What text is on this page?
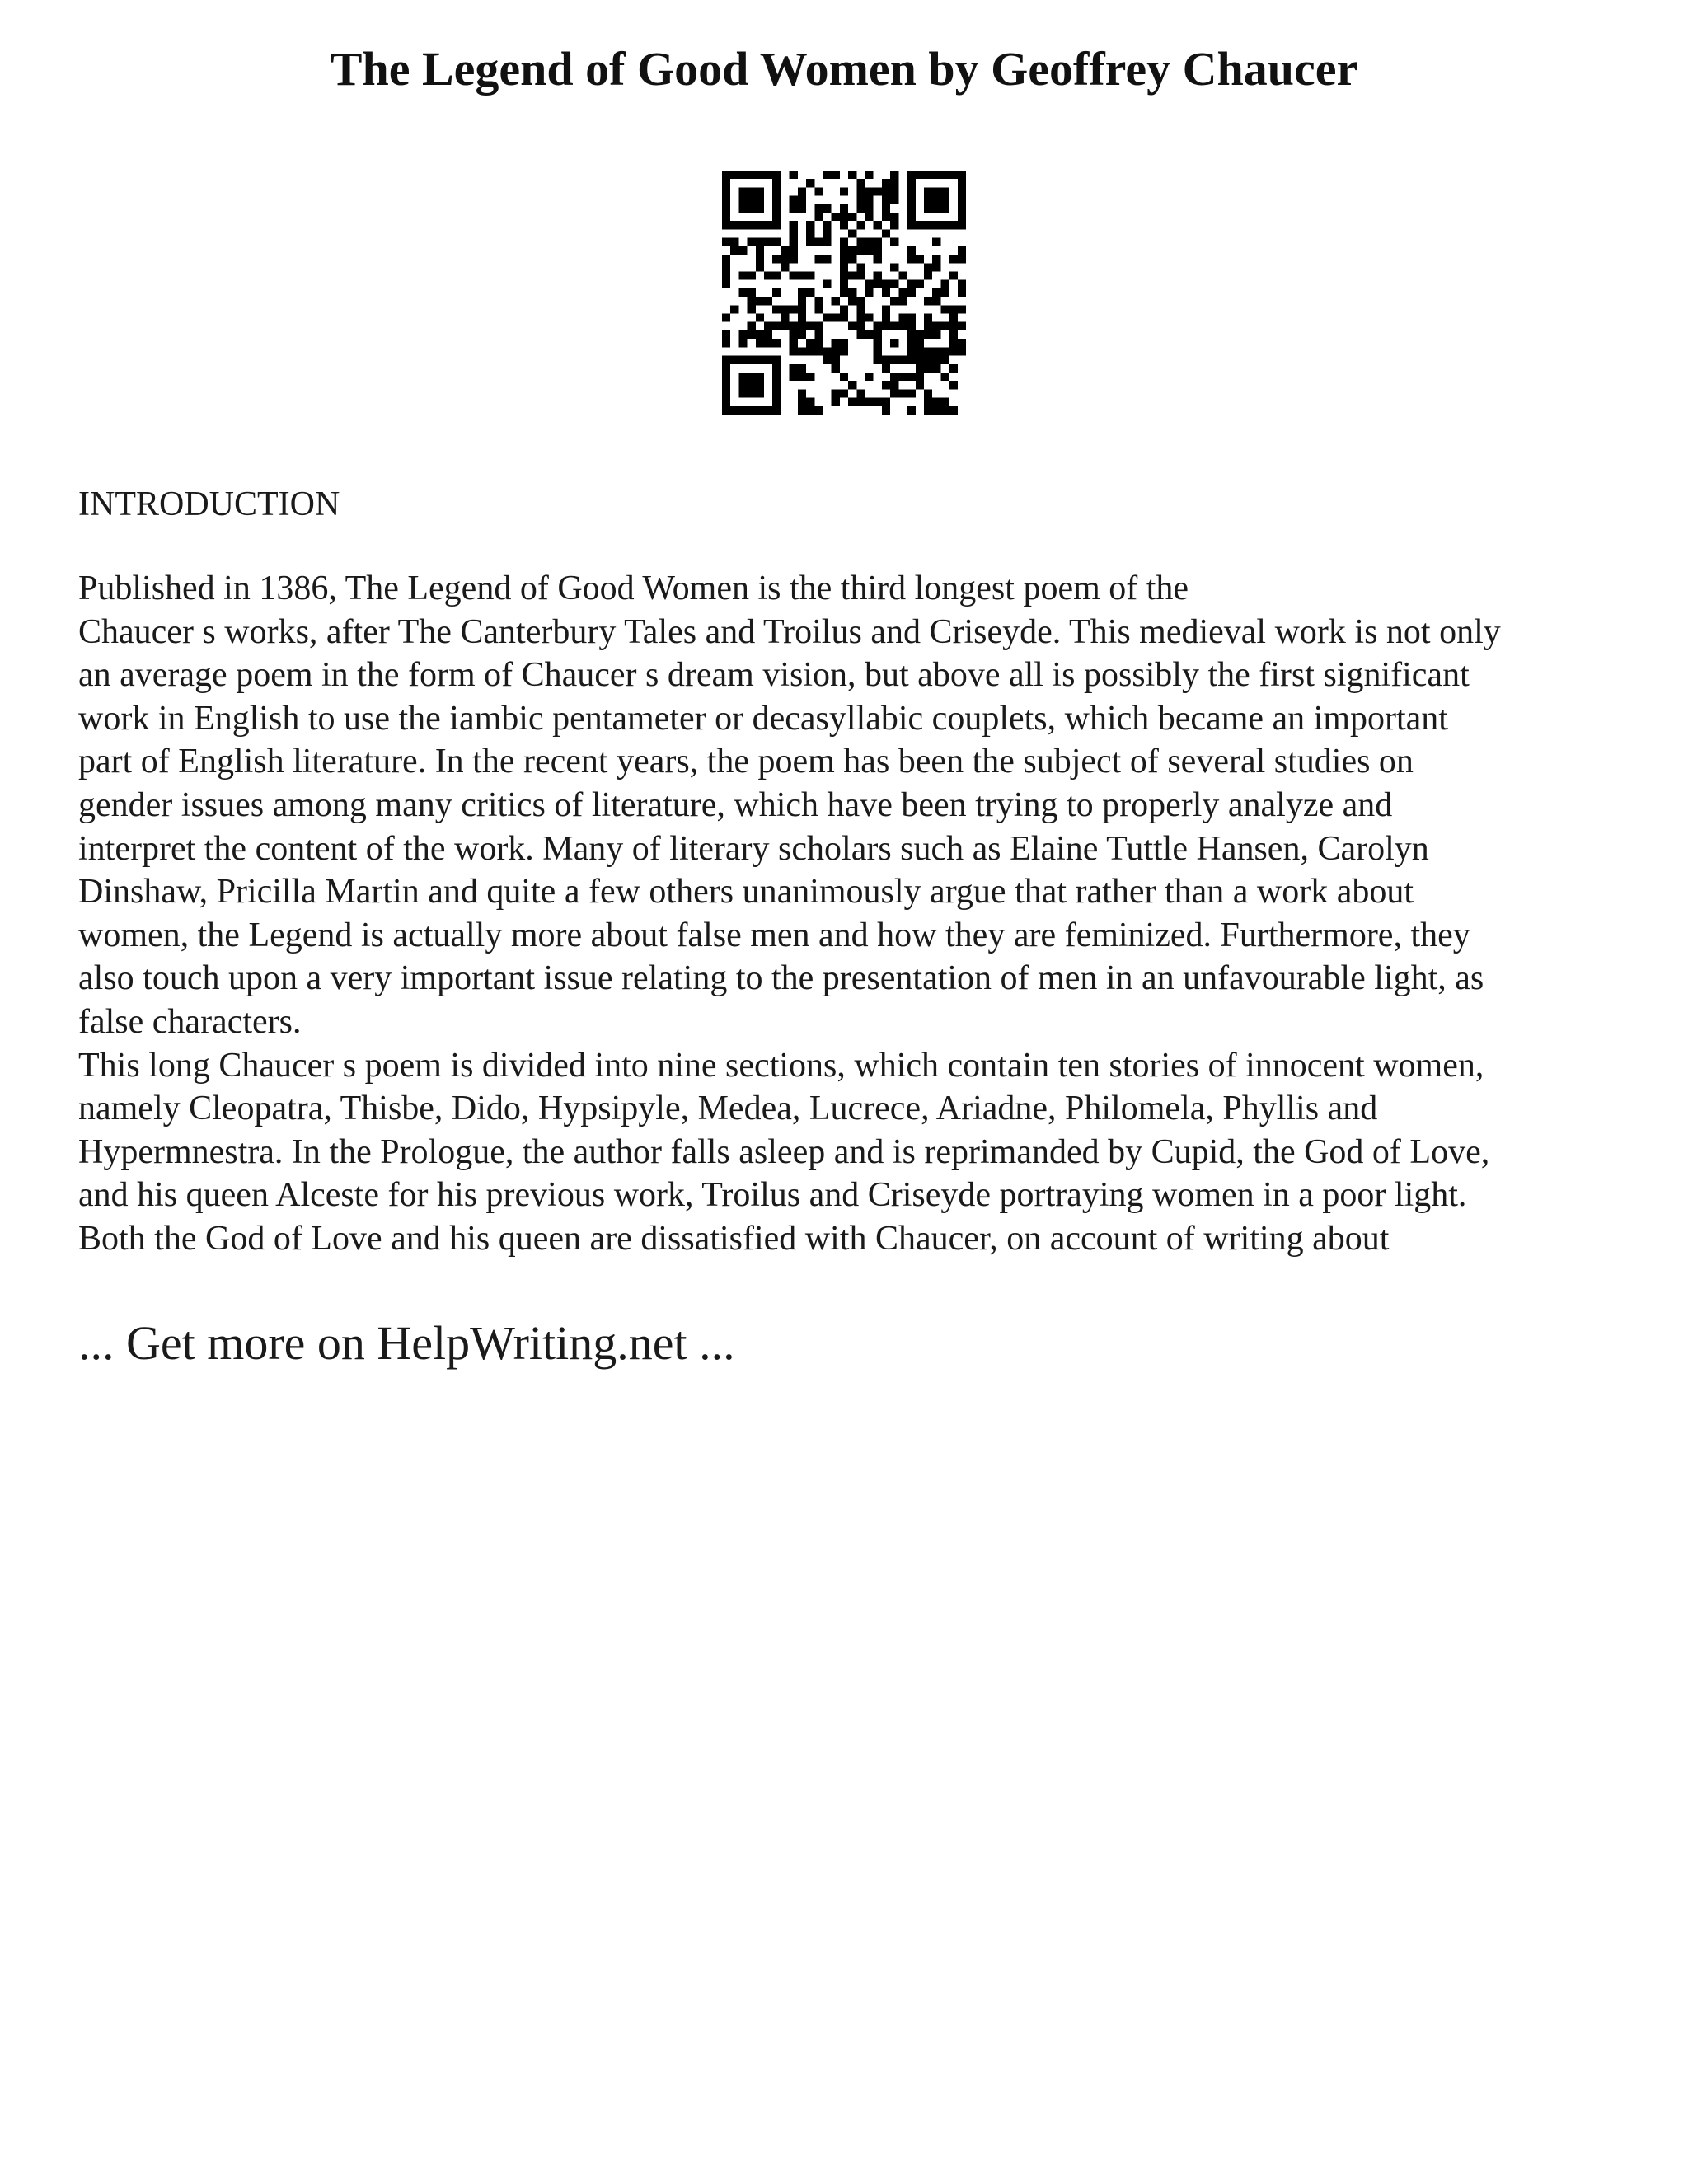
The Legend of Good Women by Geoffrey Chaucer
INTRODUCTION

Published in 1386, The Legend of Good Women is the third longest poem of the
Chaucer s works, after The Canterbury Tales and Troilus and Criseyde. This medieval work is not only
an average poem in the form of Chaucer s dream vision, but above all is possibly the first significant
work in English to use the iambic pentameter or decasyllabic couplets, which became an important
part of English literature. In the recent years, the poem has been the subject of several studies on
gender issues among many critics of literature, which have been trying to properly analyze and
interpret the content of the work. Many of literary scholars such as Elaine Tuttle Hansen, Carolyn
Dinshaw, Pricilla Martin and quite a few others unanimously argue that rather than a work about
women, the Legend is actually more about false men and how they are feminized. Furthermore, they
also touch upon a very important issue relating to the presentation of men in an unfavourable light, as
false characters.
This long Chaucer s poem is divided into nine sections, which contain ten stories of innocent women,
namely Cleopatra, Thisbe, Dido, Hypsipyle, Medea, Lucrece, Ariadne, Philomela, Phyllis and
Hypermnestra. In the Prologue, the author falls asleep and is reprimanded by Cupid, the God of Love,
and his queen Alceste for his previous work, Troilus and Criseyde portraying women in a poor light.
Both the God of Love and his queen are dissatisfied with Chaucer, on account of writing about

... Get more on HelpWriting.net ...
